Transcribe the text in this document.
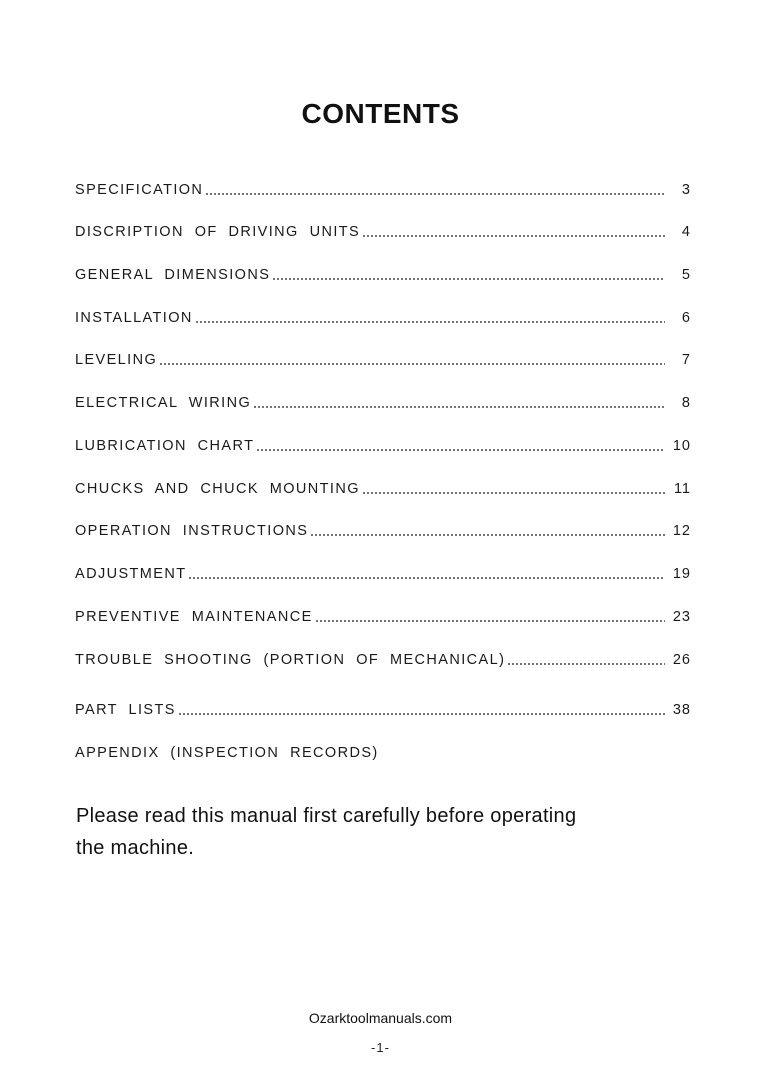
CONTENTS
SPECIFICATION	3
DISCRIPTION  OF  DRIVING  UNITS	4
GENERAL  DIMENSIONS	5
INSTALLATION	6
LEVELING	7
ELECTRICAL  WIRING	8
LUBRICATION  CHART	10
CHUCKS  AND  CHUCK  MOUNTING	11
OPERATION  INSTRUCTIONS	12
ADJUSTMENT	19
PREVENTIVE  MAINTENANCE	23
TROUBLE  SHOOTING  (PORTION  OF  MECHANICAL)	26
PART  LISTS	38
APPENDIX  (INSPECTION  RECORDS)
Please read this manual first carefully before operating
the machine.
Ozarktoolmanuals.com
-1-
